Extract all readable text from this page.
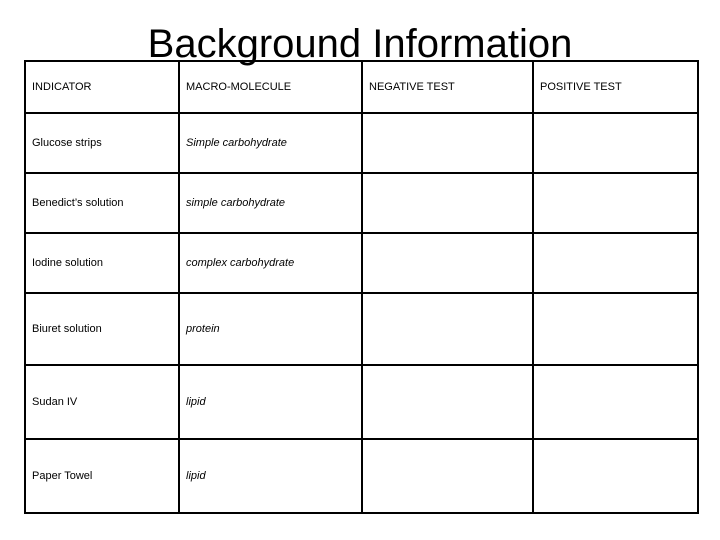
Background Information
INDICATOR	MACRO-MOLECULE	NEGATIVE TEST	POSITIVE TEST
Glucose strips	Simple carbohydrate		
Benedict’s solution	simple carbohydrate		
Iodine solution	complex carbohydrate		
Biuret solution	protein		
Sudan IV	lipid		
Paper Towel	lipid		
